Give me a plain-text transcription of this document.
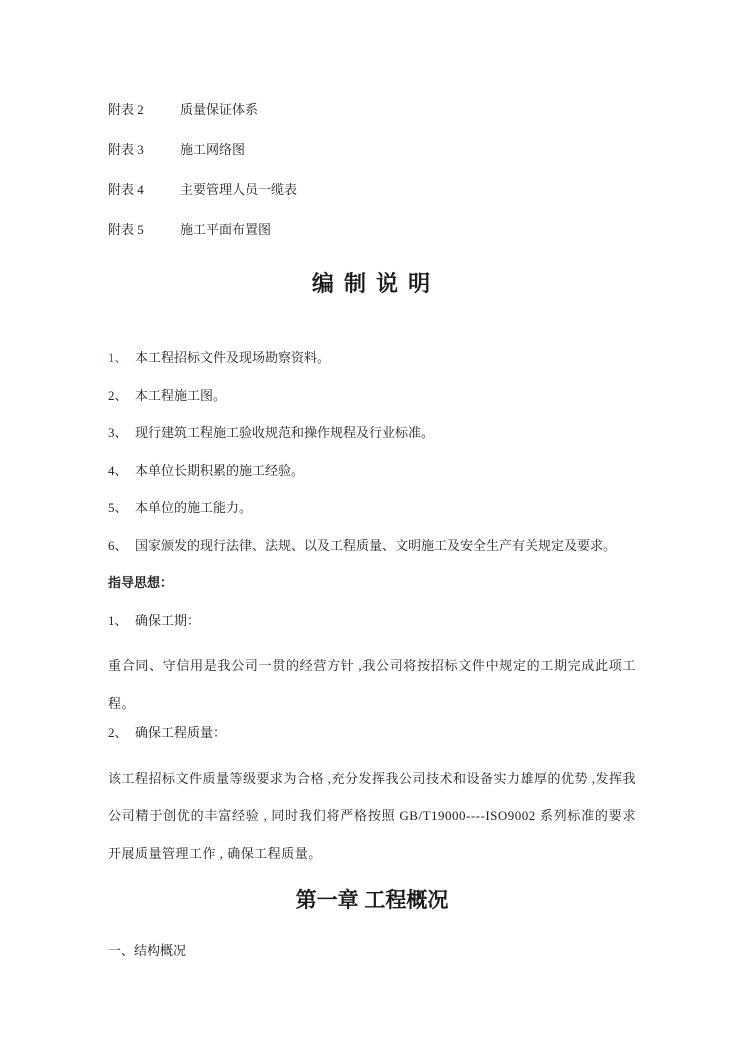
附表 2	质量保证体系
附表 3	施工网络图
附表 4	主要管理人员一缆表
附表 5	施工平面布置图
编 制 说 明
1、 本工程招标文件及现场勘察资料。
2、 本工程施工图。
3、 现行建筑工程施工验收规范和操作规程及行业标准。
4、 本单位长期积累的施工经验。
5、 本单位的施工能力。
6、 国家颁发的现行法律、法规、以及工程质量、文明施工及安全生产有关规定及要求。
指导思想：
1、 确保工期：

重合同、守信用是我公司一贯的经营方针 ,我公司将按招标文件中规定的工期完成此项工程。

2、 确保工程质量：

该工程招标文件质量等级要求为合格 ,充分发挥我公司技术和设备实力雄厚的优势 ,发挥我公司精于创优的丰富经验 , 同时我们将严格按照 GB/T19000----ISO9002 系列标准的要求开展质量管理工作 , 确保工程质量。

第一章 工程概况
一、结构概况
